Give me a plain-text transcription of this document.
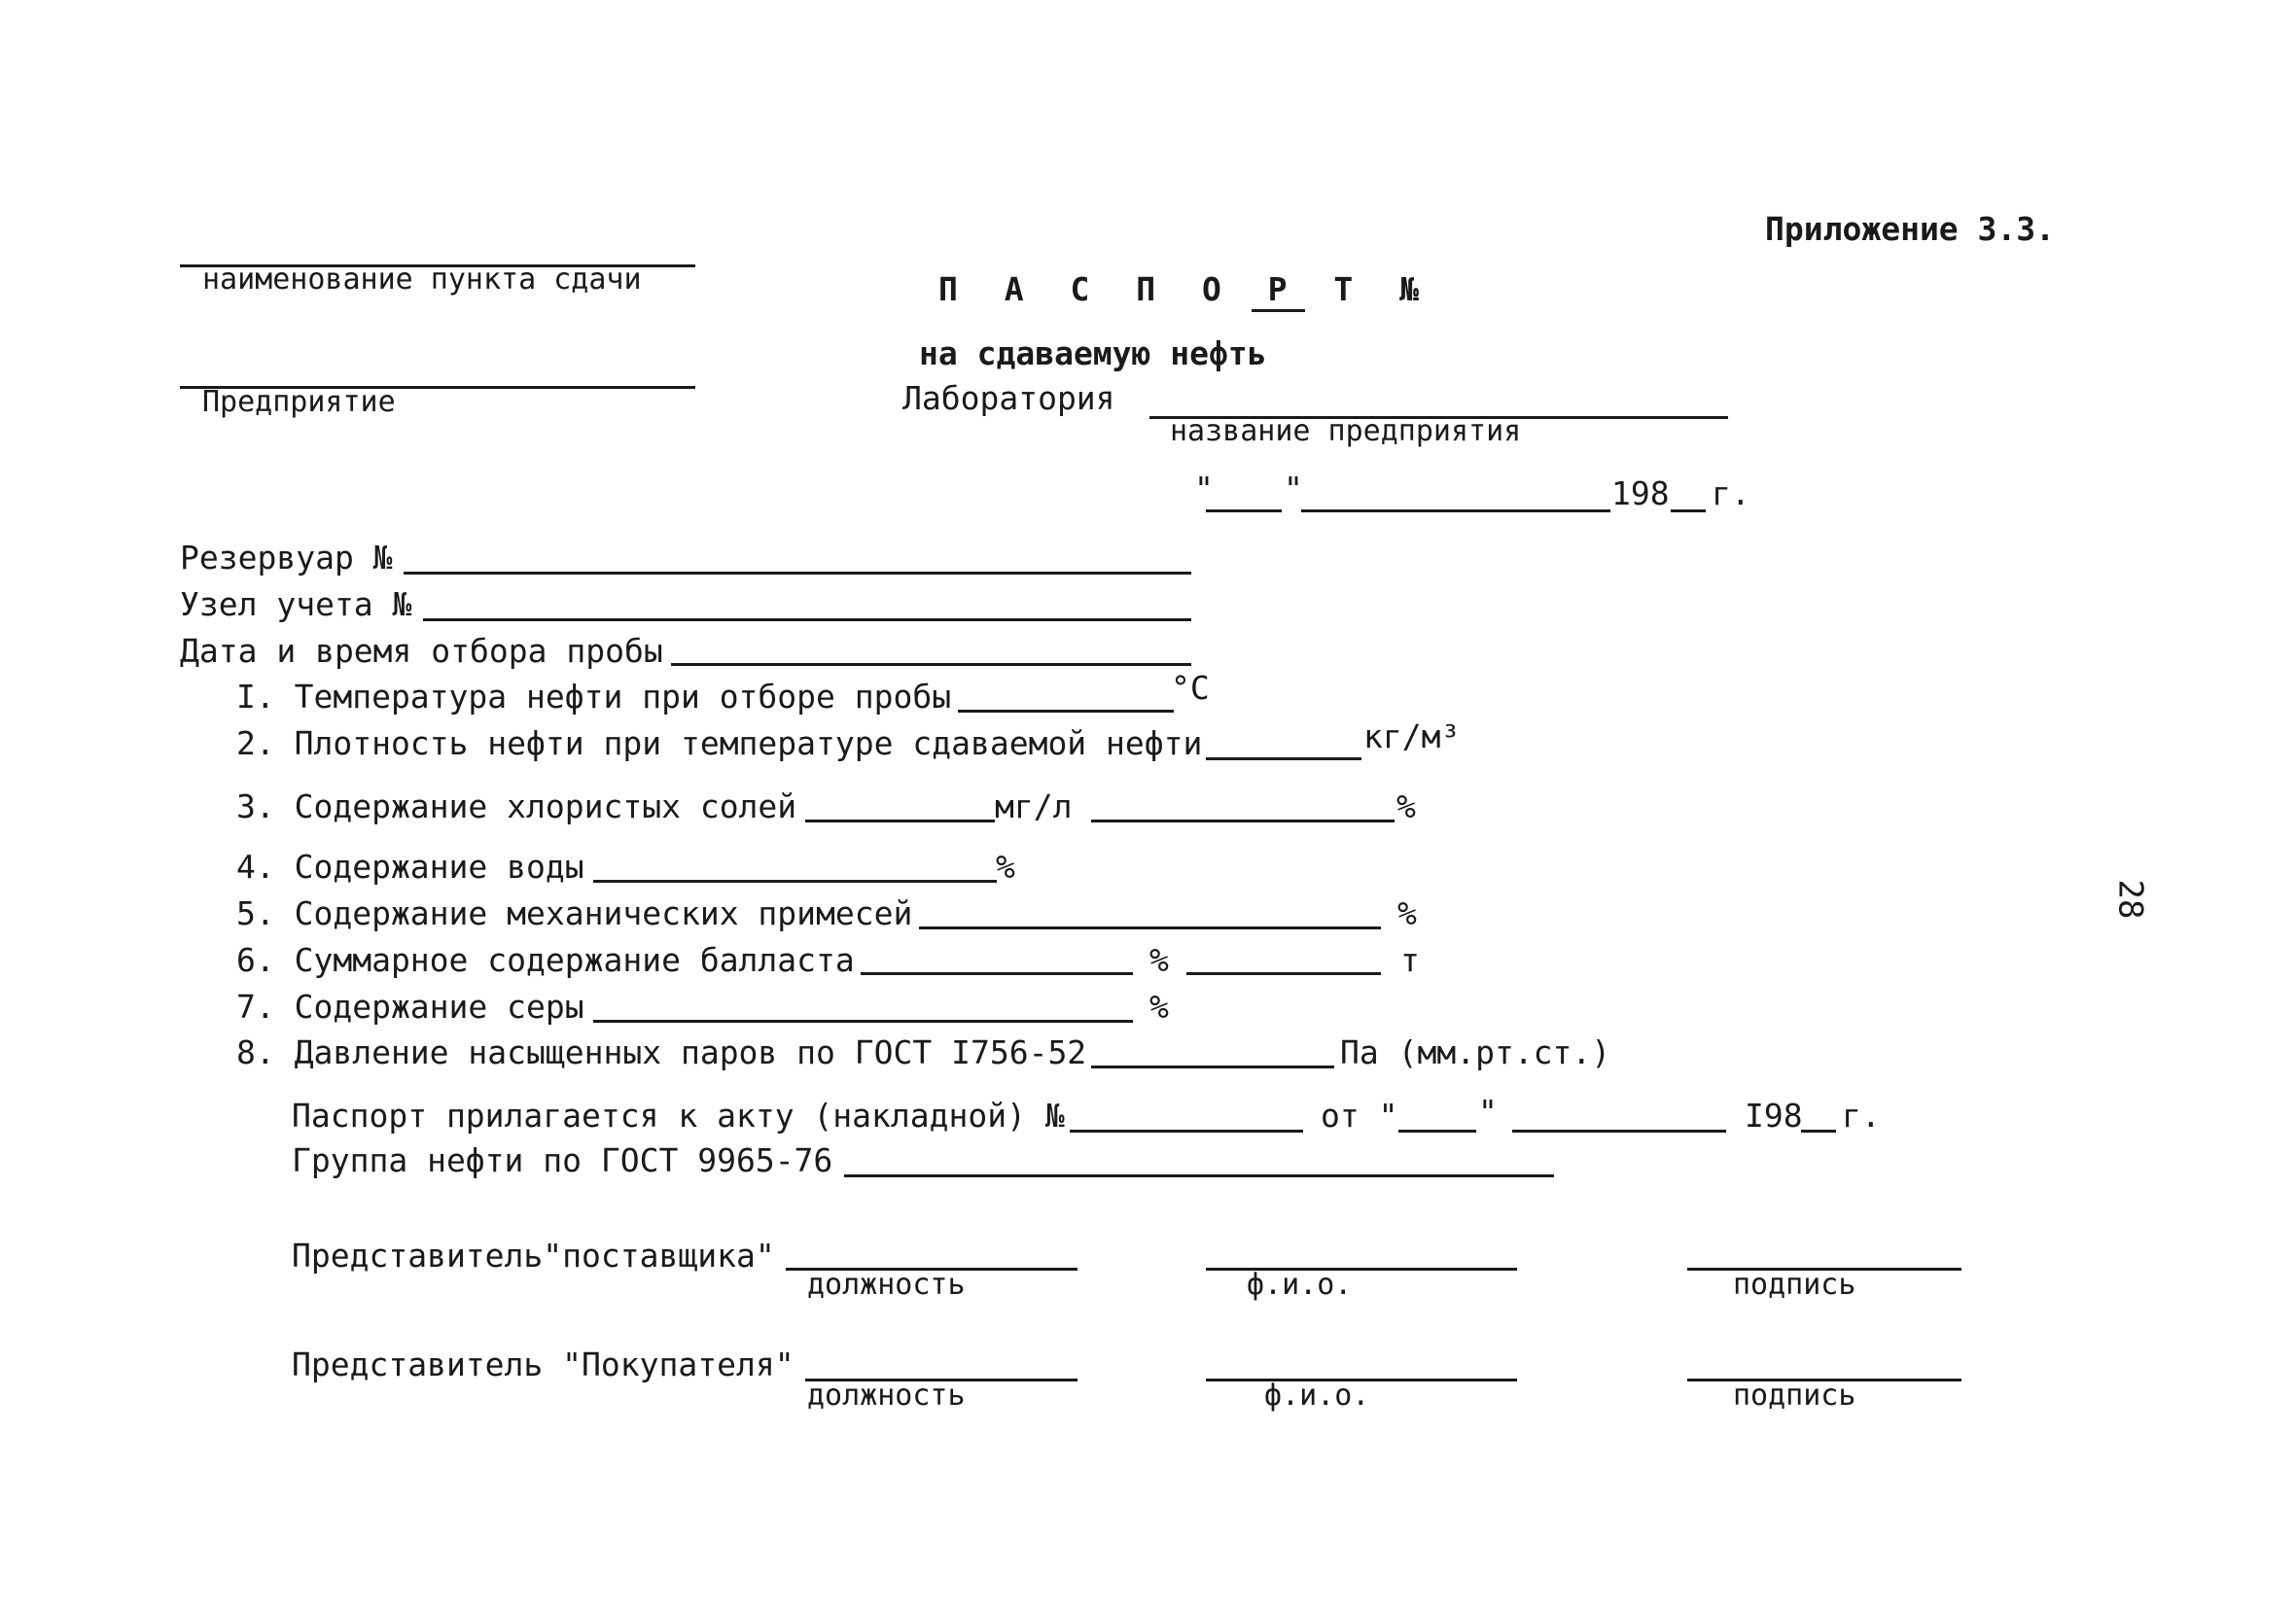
Приложение 3.3.
наименование пункта сдачи
Предприятие
П А С П О Р Т №
на сдаваемую нефть
Лаборатория
название предприятия
" "	198 г.
Резервуар №
Узел учета №
Дата и время отбора пробы
I. Температура нефти при отборе пробы	°C
2. Плотность нефти при температуре сдаваемой нефти	кг/м³
3. Содержание хлористых солей	мг/л	%
4. Содержание воды	%
5. Содержание механических примесей	%
6. Суммарное содержание балласта	%	т
7. Содержание серы	%
8. Давление насыщенных паров по ГОСТ I756-52	Па (мм.рт.ст.)
Паспорт прилагается к акту (накладной) №	от "	"	I98 г.
Группа нефти по ГОСТ 9965-76
Представитель"поставщика"
должность	ф.и.о.	подпись
Представитель "Покупателя"
должность	ф.и.о.	подпись
28
